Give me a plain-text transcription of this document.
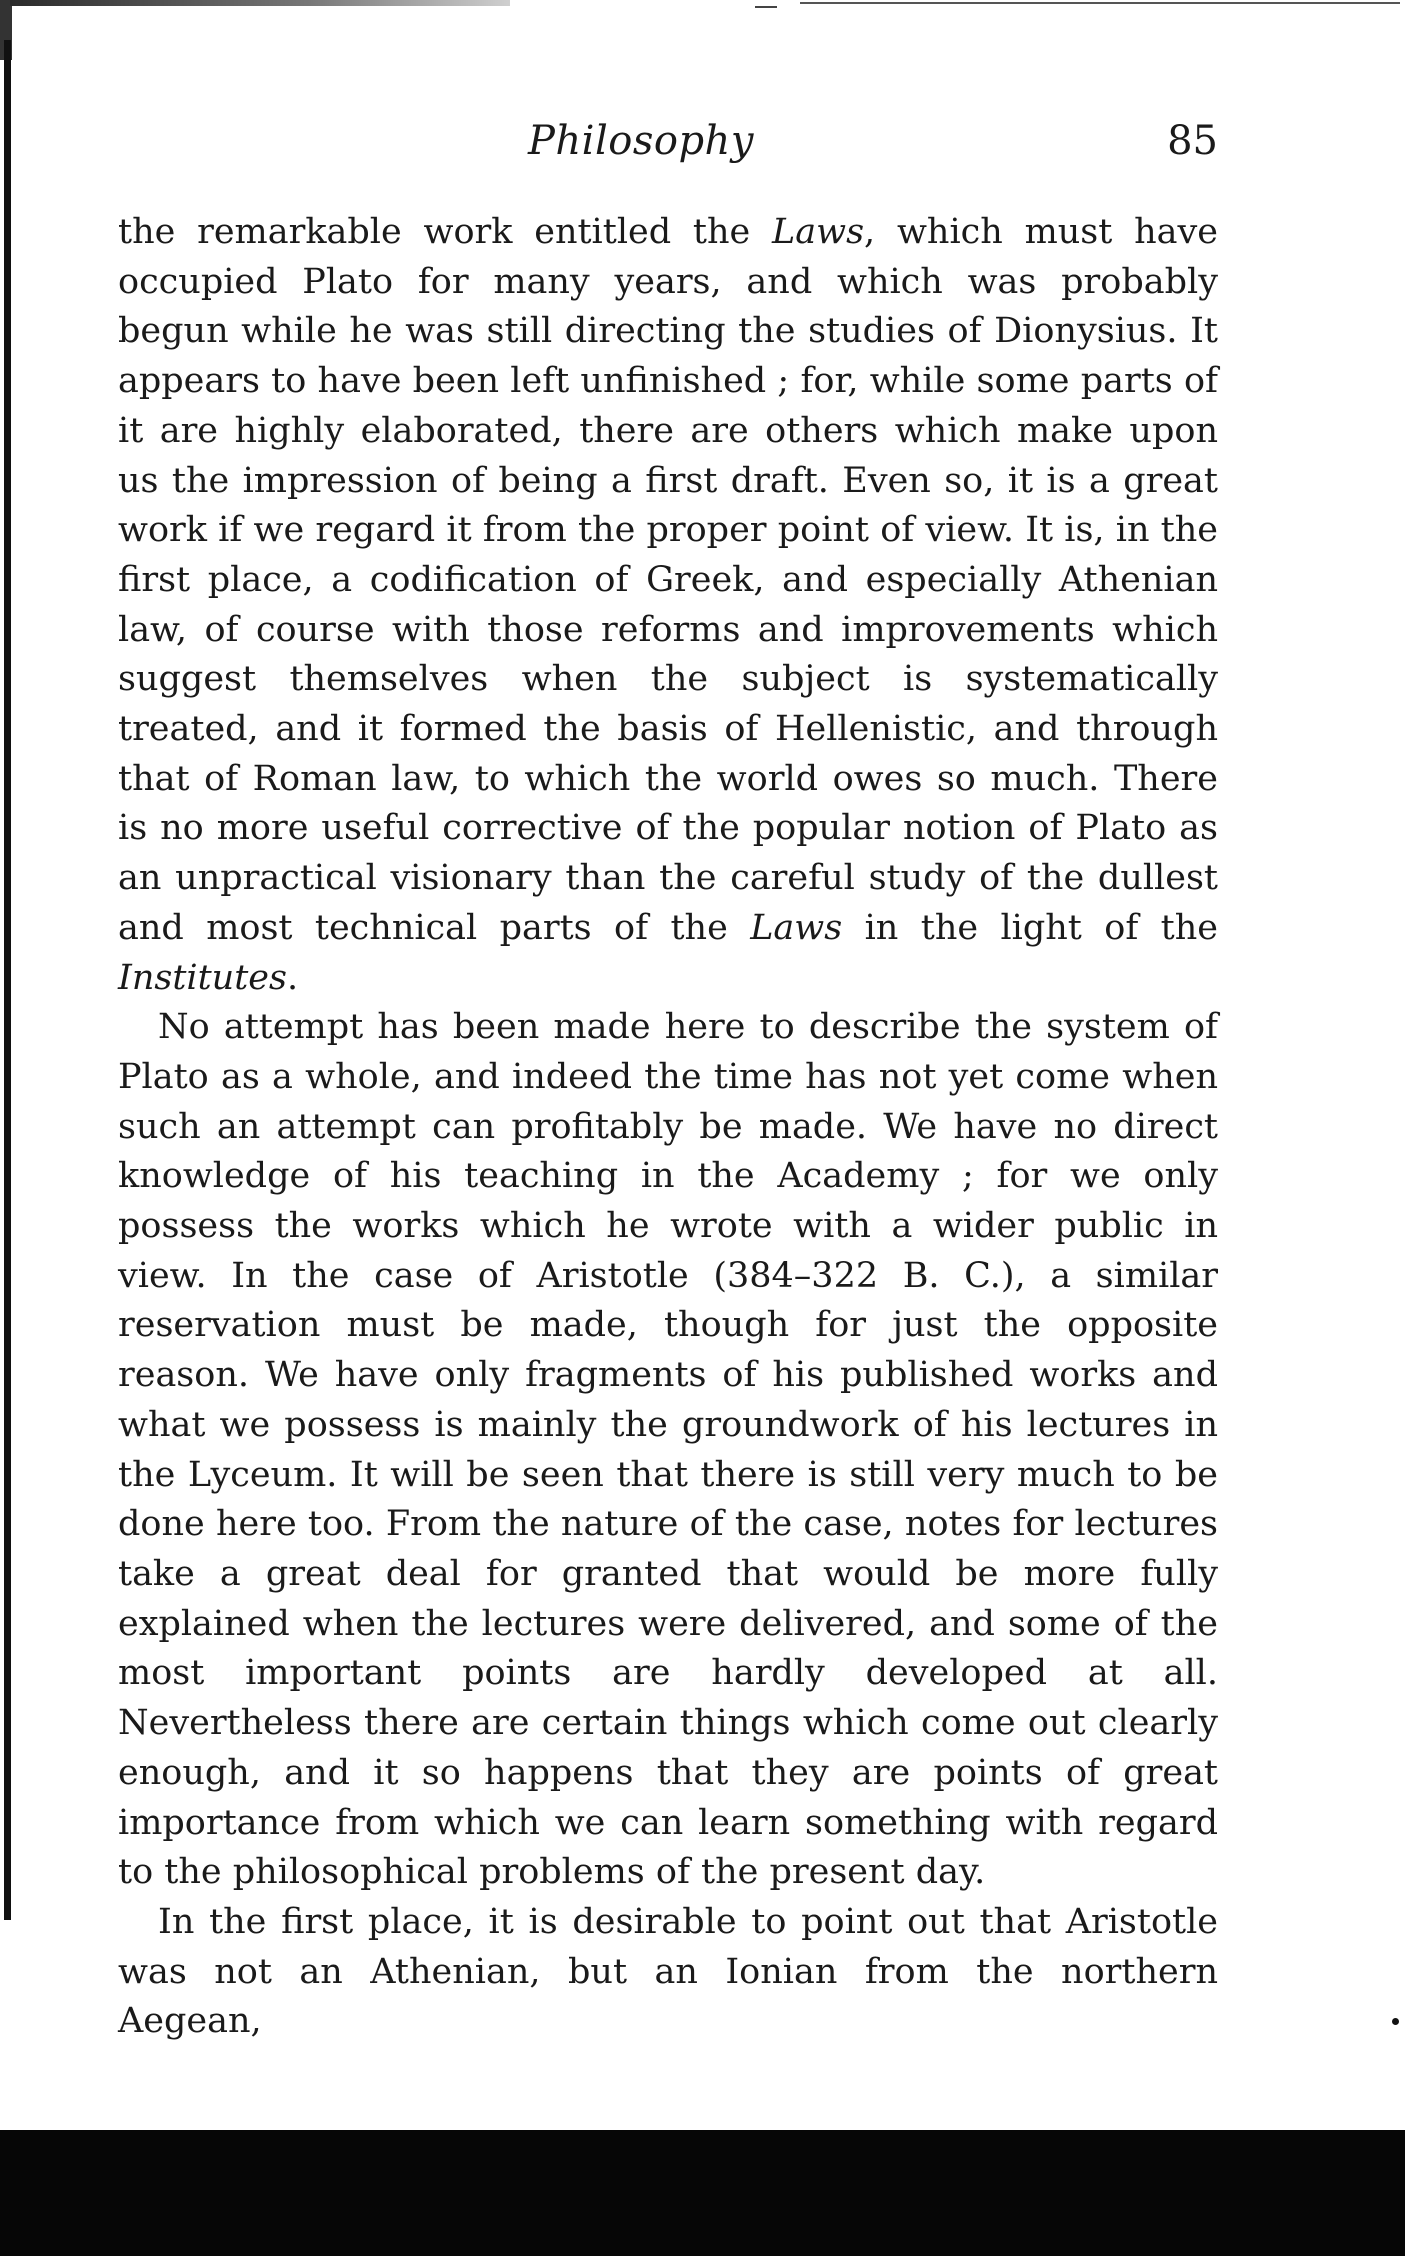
Philosophy	85

the remarkable work entitled the Laws, which must have occupied Plato for many years, and which was probably begun while he was still directing the studies of Dionysius. It appears to have been left unfinished ; for, while some parts of it are highly elaborated, there are others which make upon us the impression of being a first draft. Even so, it is a great work if we regard it from the proper point of view. It is, in the first place, a codification of Greek, and especially Athenian law, of course with those reforms and improvements which suggest themselves when the subject is systematically treated, and it formed the basis of Hellenistic, and through that of Roman law, to which the world owes so much. There is no more useful corrective of the popular notion of Plato as an unpractical visionary than the careful study of the dullest and most technical parts of the Laws in the light of the Institutes.

No attempt has been made here to describe the system of Plato as a whole, and indeed the time has not yet come when such an attempt can profitably be made. We have no direct knowledge of his teaching in the Academy ; for we only possess the works which he wrote with a wider public in view. In the case of Aristotle (384–322 B. C.), a similar reservation must be made, though for just the opposite reason. We have only fragments of his published works and what we possess is mainly the groundwork of his lectures in the Lyceum. It will be seen that there is still very much to be done here too. From the nature of the case, notes for lectures take a great deal for granted that would be more fully explained when the lectures were delivered, and some of the most important points are hardly developed at all. Nevertheless there are certain things which come out clearly enough, and it so happens that they are points of great importance from which we can learn something with regard to the philosophical problems of the present day.

In the first place, it is desirable to point out that Aristotle was not an Athenian, but an Ionian from the northern Aegean,
